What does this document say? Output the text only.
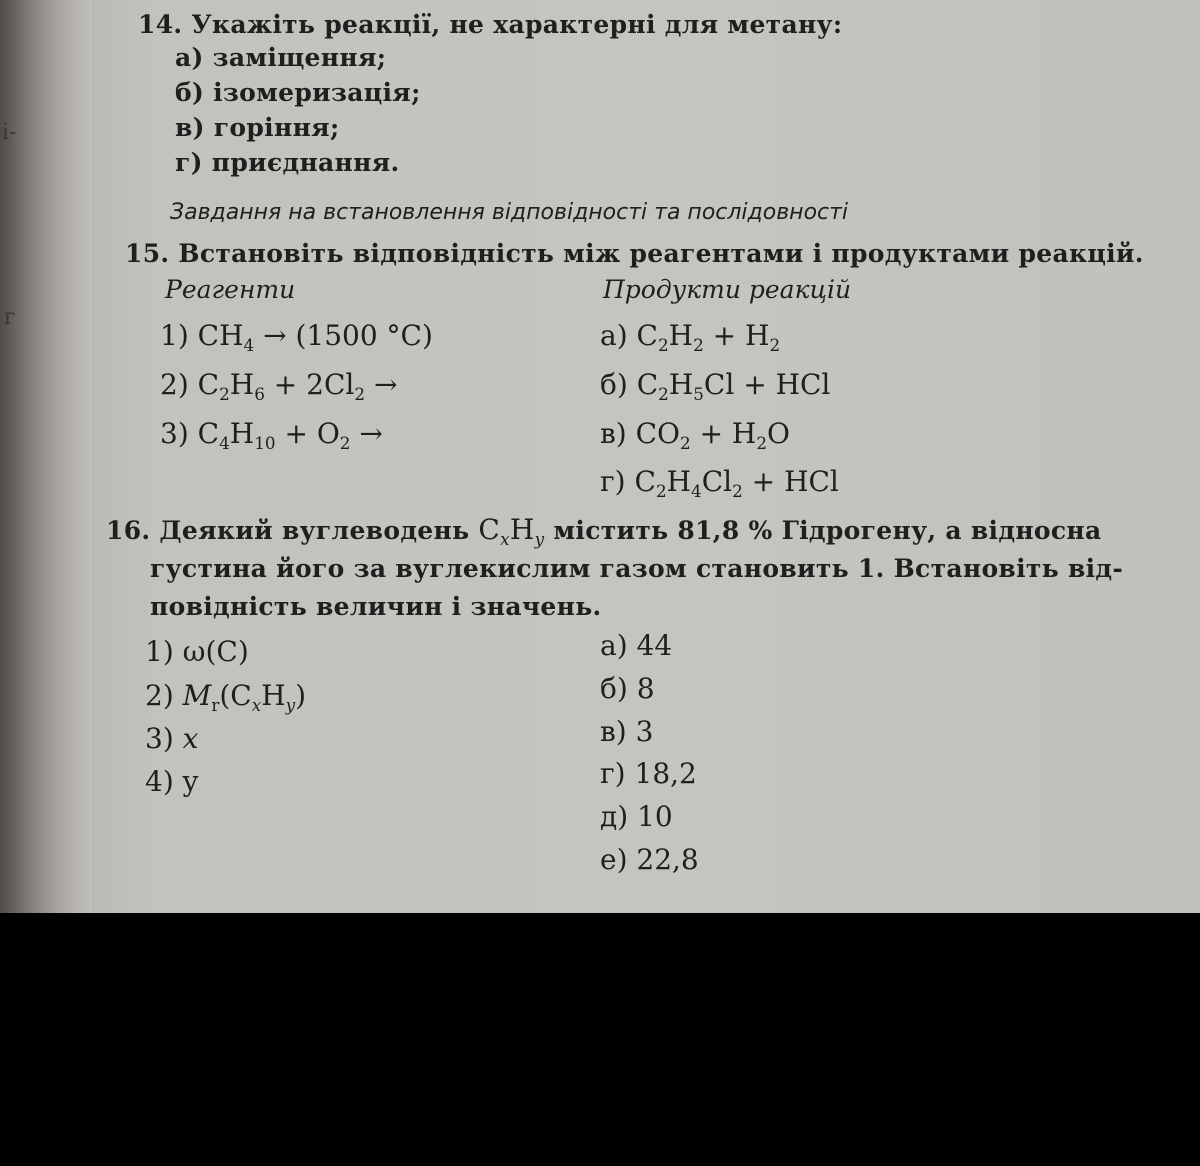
і-
г
14. Укажіть реакції, не характерні для метану:
а) заміщення;
б) ізомеризація;
в) горіння;
г) приєднання.
Завдання на встановлення відповідності та послідовності
15. Встановіть відповідність між реагентами і продуктами реакцій.
Реагенти	Продукти реакцій
1) $CH_4 \to (1500$ °C)
2) $C_2H_6 + 2Cl_2$ →
3) $C_4H_{10} + O_2$ →
а) $C_2H_2 + H_2$
б) $C_2H_5Cl$ + HCl
в) $CO_2 + H_2O$
г) $C_2H_4Cl_2$ + HCl
16. Деякий вуглеводень $C_xH_y$ містить 81,8 % Гідрогену, а відносна
густина його за вуглекислим газом становить 1. Встановіть від-
повідність величин і значень.
1) ω(C)
2) $M_r(C_xH_y)$
3) x
4) y
а) 44
б) 8
в) 3
г) 18,2
д) 10
е) 22,8
